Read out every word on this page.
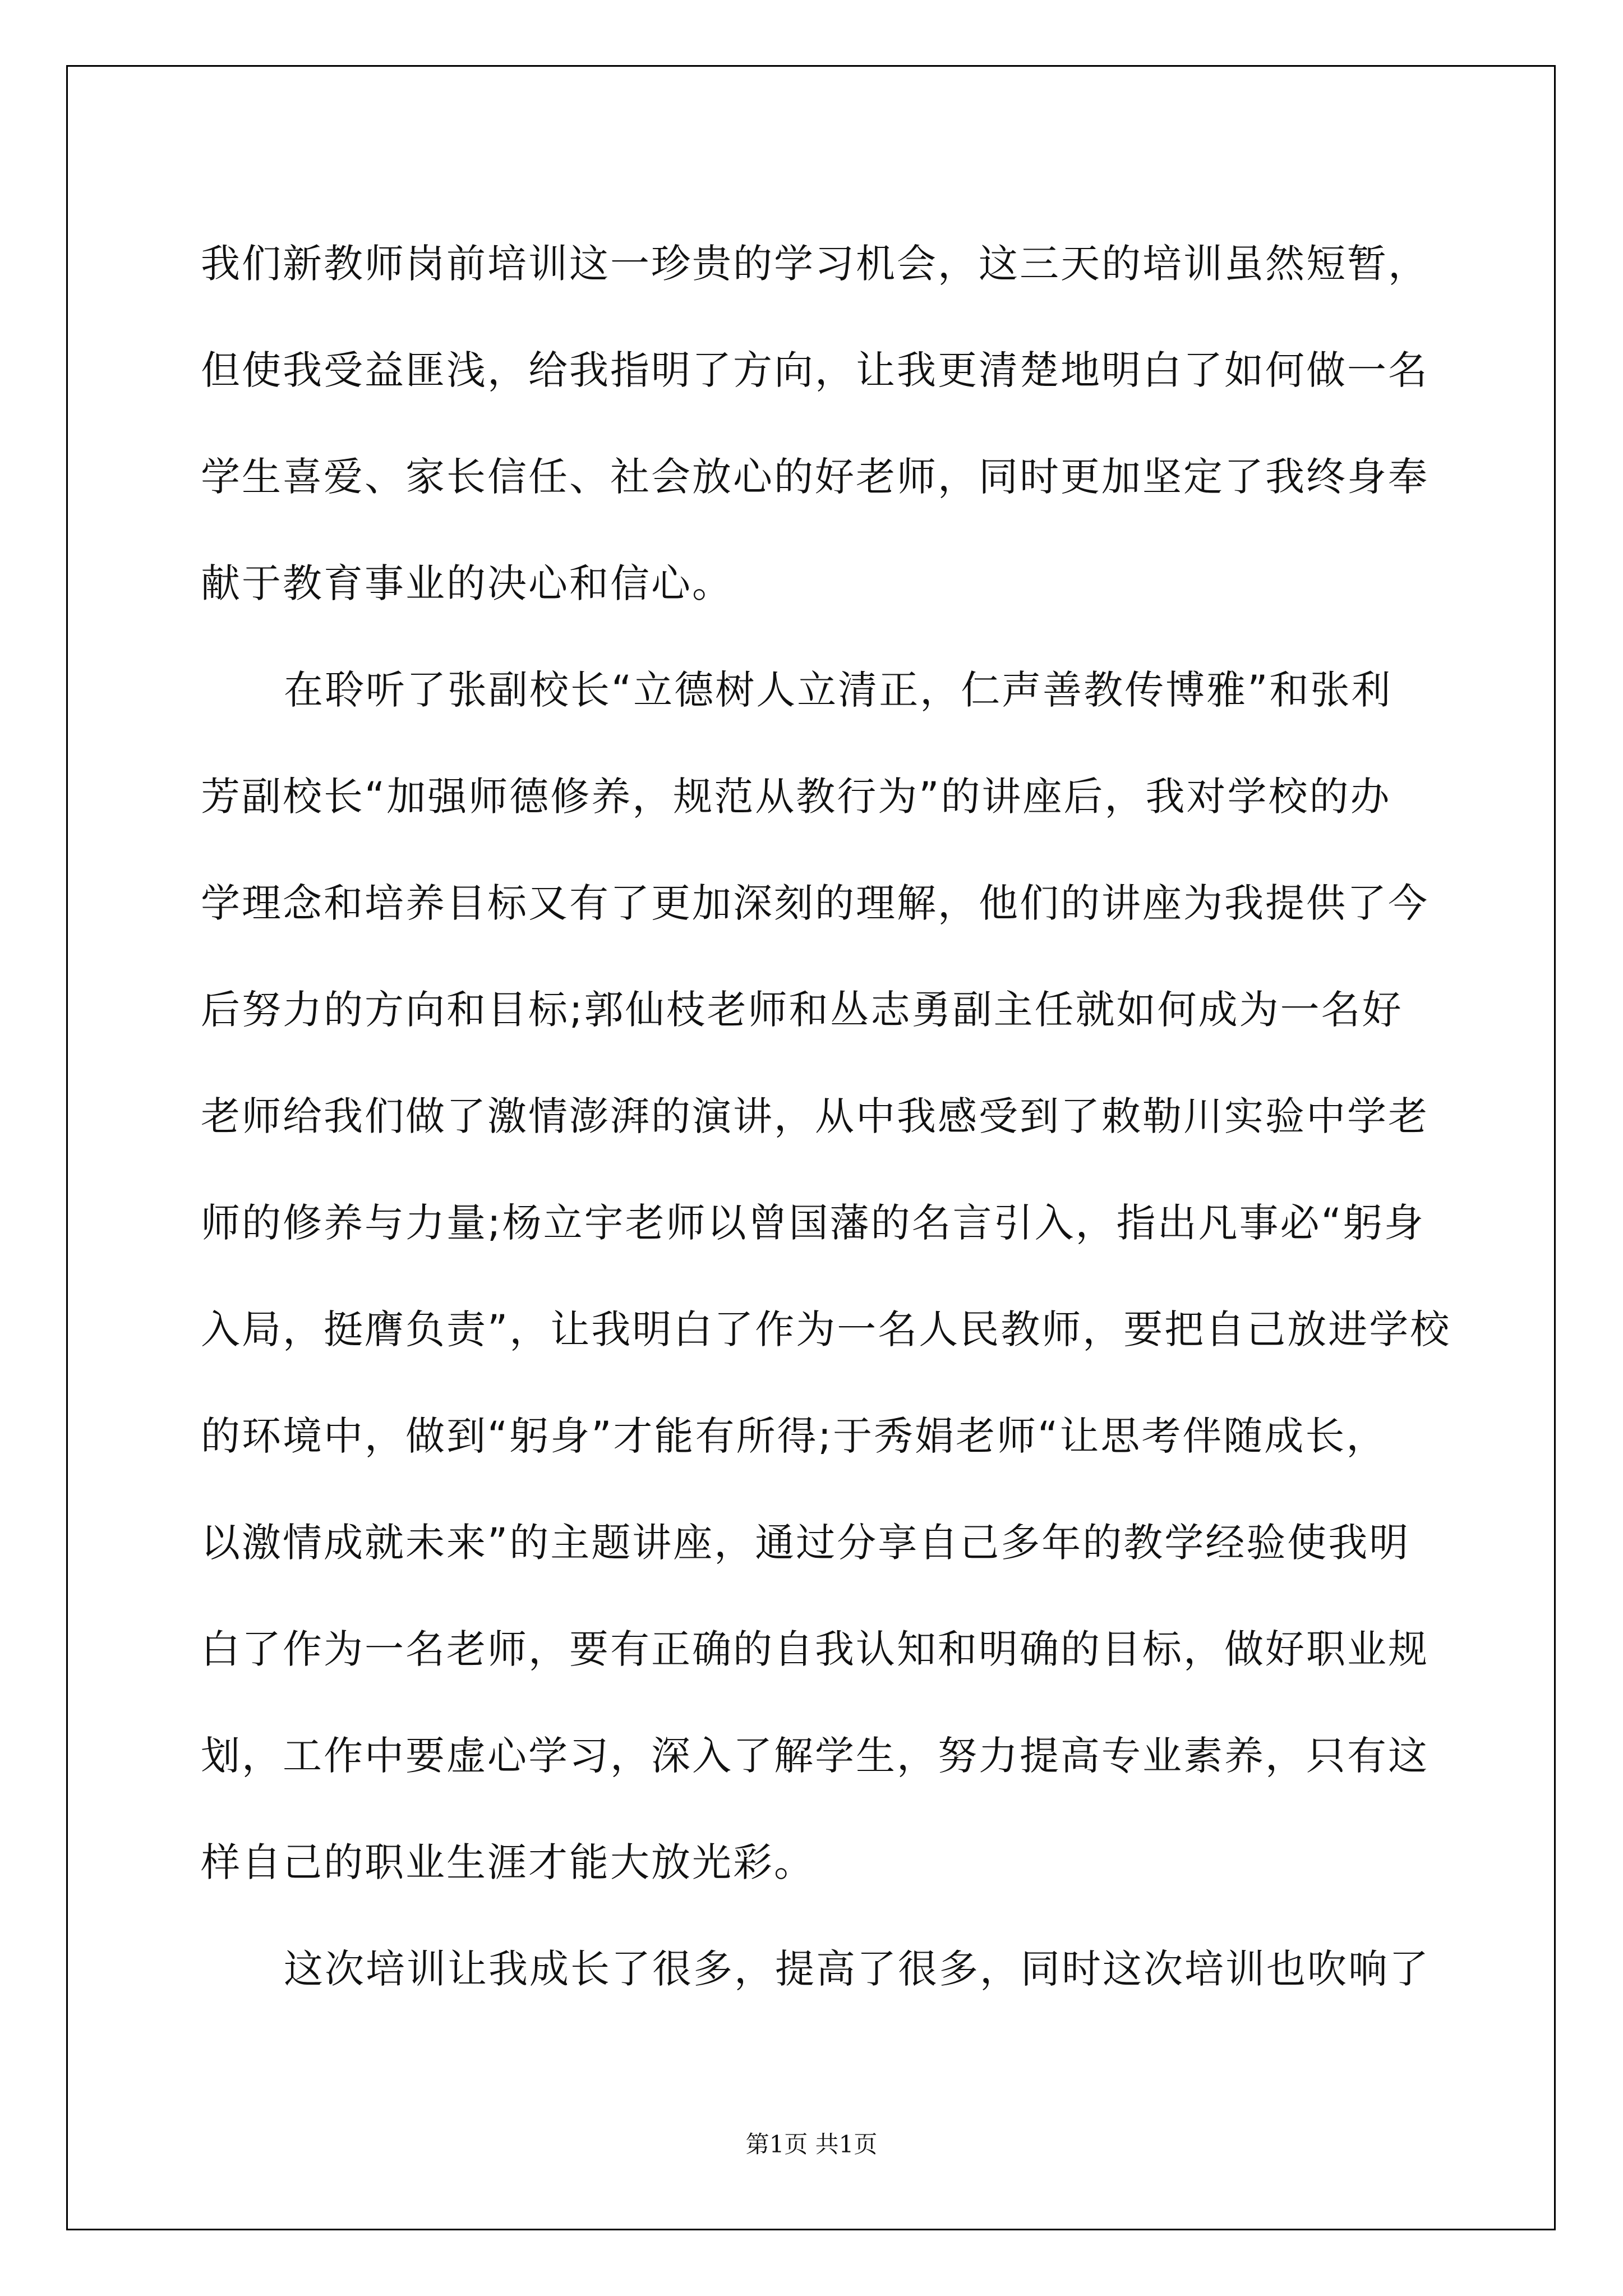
我们新教师岗前培训这一珍贵的学习机会，这三天的培训虽然短暂，
但使我受益匪浅，给我指明了方向，让我更清楚地明白了如何做一名
学生喜爱、家长信任、社会放心的好老师，同时更加坚定了我终身奉
献于教育事业的决心和信心。
在聆听了张副校长“立德树人立清正，仁声善教传博雅”和张利
芳副校长“加强师德修养，规范从教行为”的讲座后，我对学校的办
学理念和培养目标又有了更加深刻的理解，他们的讲座为我提供了今
后努力的方向和目标;郭仙枝老师和丛志勇副主任就如何成为一名好
老师给我们做了激情澎湃的演讲，从中我感受到了敕勒川实验中学老
师的修养与力量;杨立宇老师以曾国藩的名言引入，指出凡事必“躬身
入局，挺膺负责”，让我明白了作为一名人民教师，要把自己放进学校
的环境中，做到“躬身”才能有所得;于秀娟老师“让思考伴随成长，
以激情成就未来”的主题讲座，通过分享自己多年的教学经验使我明
白了作为一名老师，要有正确的自我认知和明确的目标，做好职业规
划，工作中要虚心学习，深入了解学生，努力提高专业素养，只有这
样自己的职业生涯才能大放光彩。
这次培训让我成长了很多，提高了很多，同时这次培训也吹响了
第1页 共1页
